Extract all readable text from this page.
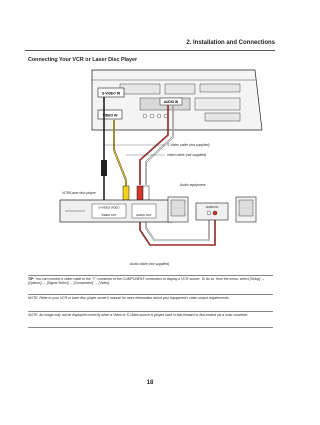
2. Installation and Connections
Connecting Your VCR or Laser Disc Player
S-VIDEO IN
VIDEO IN
AUDIO IN
S-VIDEO VIDEO
VIDEO OUT	AUDIO OUT
AUDIO IN
S-Video cable (not supplied)
Video cable (not supplied)
Audio equipment
VCR/Laser disc player
Audio cable (not supplied)
TIP: You can connect a video cable to the "Y" connector of the COMPONENT connectors to display a VCR source. To do so, from the menu, select [Setup] → [Options] → [Signal Select] → [Component] → [Video].
NOTE: Refer to your VCR or laser disc player owner's manual for more information about your equipment's video output requirements.
NOTE: An image may not be displayed correctly when a Video or S-Video source is played back in fast-forward or fast-rewind via a scan converter.
18
